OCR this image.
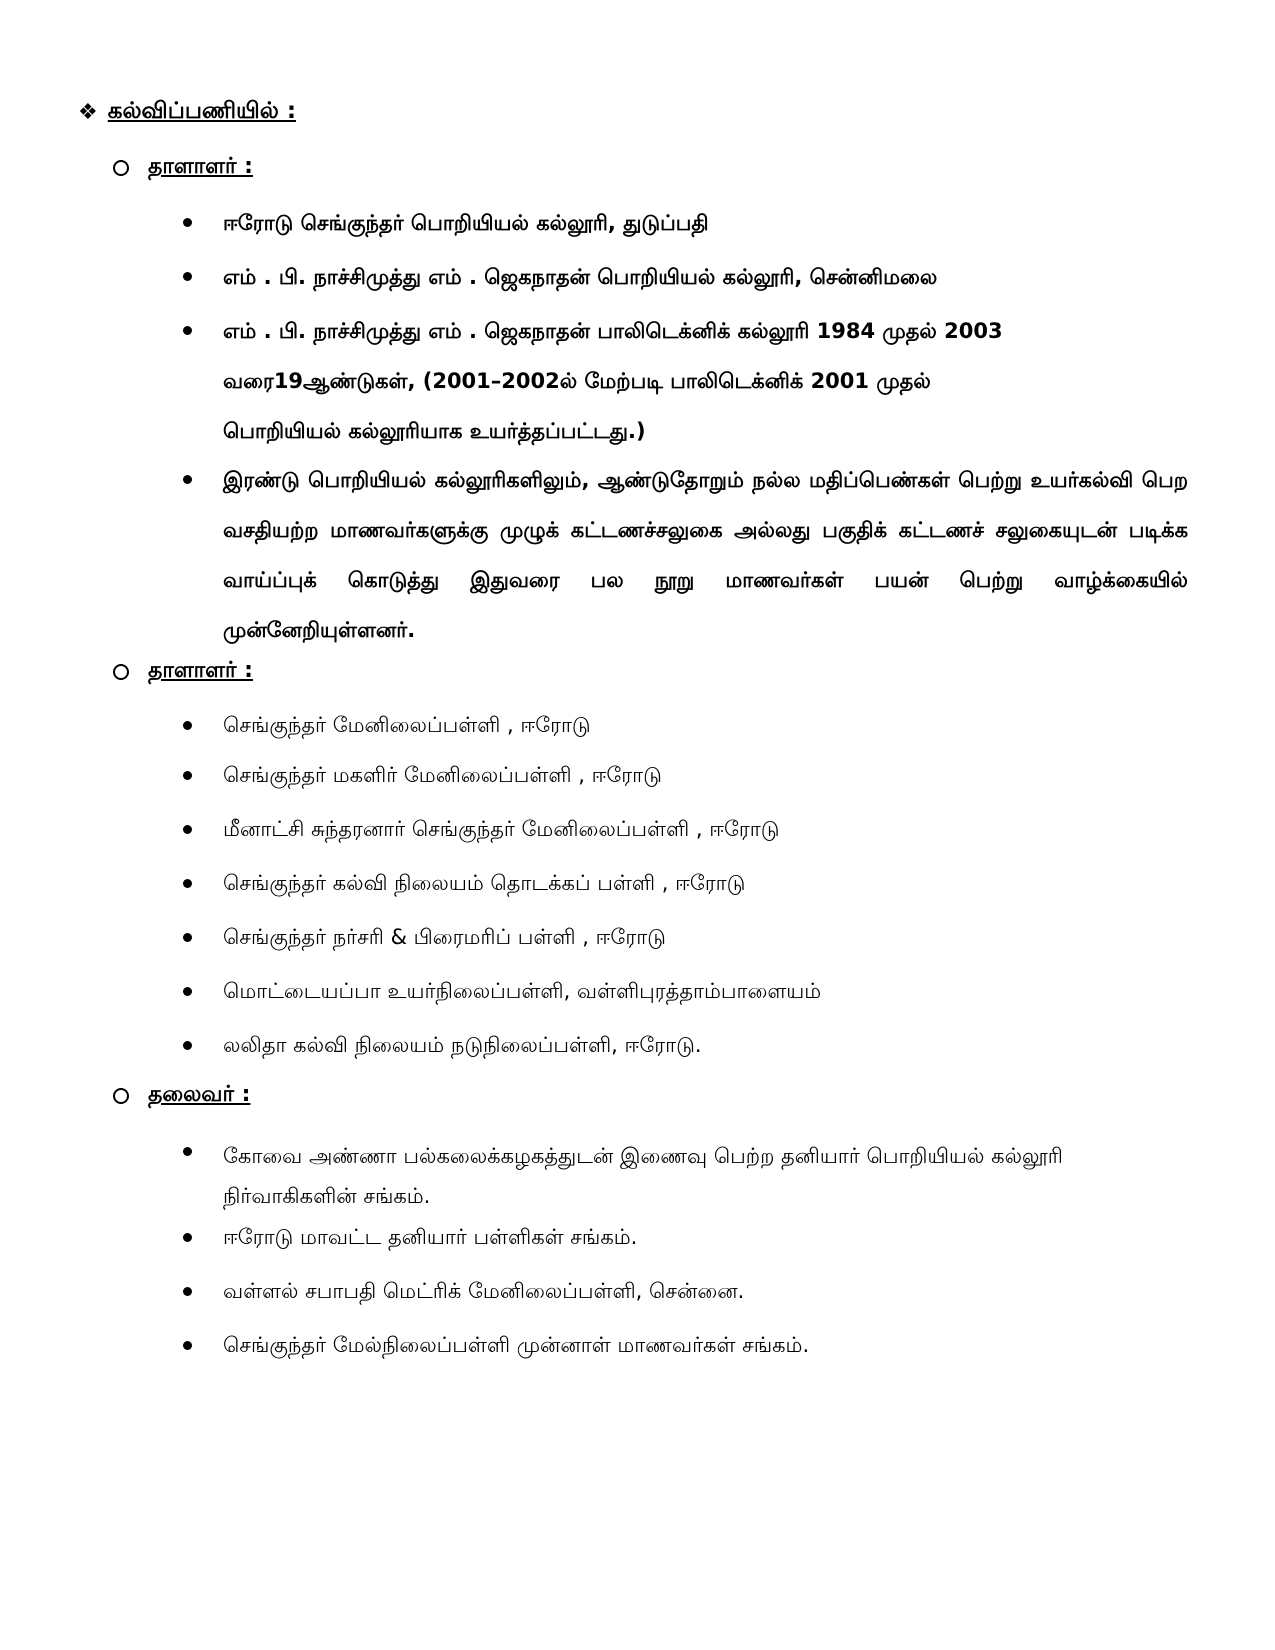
❖ கல்விப்பணியில் :
தாளாளர் :
ஈரோடு செங்குந்தர் பொறியியல் கல்லூரி, துடுப்பதி
எம் . பி. நாச்சிமுத்து எம் . ஜெகநாதன் பொறியியல் கல்லூரி, சென்னிமலை
எம் . பி. நாச்சிமுத்து எம் . ஜெகநாதன் பாலிடெக்னிக் கல்லூரி 1984 முதல் 2003 வரை19ஆண்டுகள், (2001–2002ல் மேற்படி பாலிடெக்னிக் 2001 முதல் பொறியியல் கல்லூரியாக உயர்த்தப்பட்டது.)
இரண்டு பொறியியல் கல்லூரிகளிலும், ஆண்டுதோறும் நல்ல மதிப்பெண்கள் பெற்று உயர்கல்வி பெற வசதியற்ற மாணவர்களுக்கு முழுக் கட்டணச்சலுகை அல்லது பகுதிக் கட்டணச் சலுகையுடன் படிக்க வாய்ப்புக் கொடுத்து இதுவரை பல நூறு மாணவர்கள் பயன் பெற்று வாழ்க்கையில் முன்னேறியுள்ளனர்.
தாளாளர் :
செங்குந்தர் மேனிலைப்பள்ளி , ஈரோடு
செங்குந்தர் மகளிர் மேனிலைப்பள்ளி , ஈரோடு
மீனாட்சி சுந்தரனார் செங்குந்தர் மேனிலைப்பள்ளி , ஈரோடு
செங்குந்தர் கல்வி நிலையம் தொடக்கப் பள்ளி , ஈரோடு
செங்குந்தர் நர்சரி & பிரைமரிப் பள்ளி , ஈரோடு
மொட்டையப்பா உயர்நிலைப்பள்ளி, வள்ளிபுரத்தாம்பாளையம்
லலிதா கல்வி நிலையம் நடுநிலைப்பள்ளி, ஈரோடு.
தலைவர் :
கோவை அண்ணா பல்கலைக்கழகத்துடன் இணைவு பெற்ற தனியார் பொறியியல் கல்லூரி நிர்வாகிகளின் சங்கம்.
ஈரோடு மாவட்ட தனியார் பள்ளிகள் சங்கம்.
வள்ளல் சபாபதி மெட்ரிக் மேனிலைப்பள்ளி, சென்னை.
செங்குந்தர் மேல்நிலைப்பள்ளி முன்னாள் மாணவர்கள் சங்கம்.
